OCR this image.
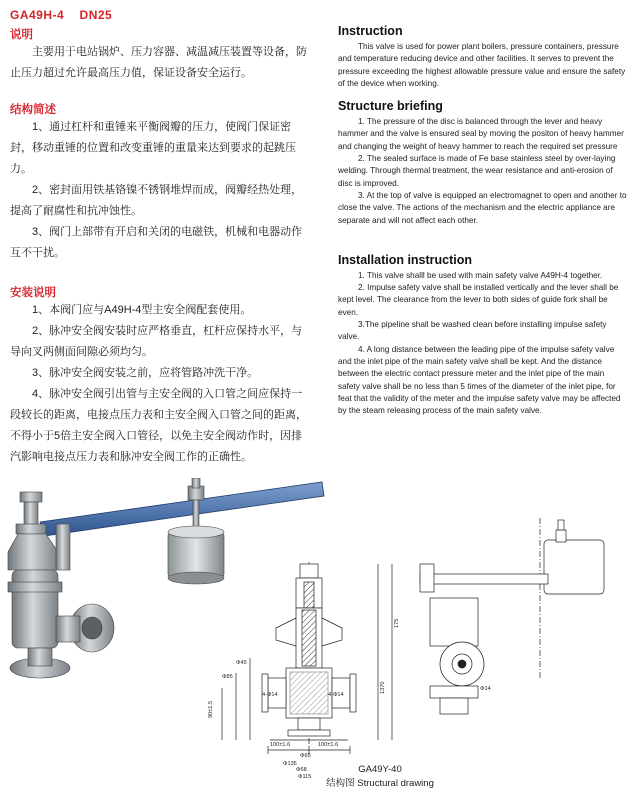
GA49H-4 DN25
说明

主要用于电站锅炉、压力容器、减温减压装置等设备，防止压力超过允许最高压力值，保证设备安全运行。

结构简述

1、通过杠杆和重锤来平衡阀瓣的压力，使阀门保证密封，移动重锤的位置和改变重锤的重量来达到要求的起跳压力。

2、密封面用铁基铬镍不锈钢堆焊而成，阀瓣经热处理，提高了耐腐性和抗冲蚀性。

3、阀门上部带有开启和关闭的电磁铁，机械和电器动作互不干扰。

安装说明

1、本阀门应与A49H-4型主安全阀配套使用。

2、脉冲安全阀安装时应严格垂直，杠杆应保持水平，与导向叉两侧面间隙必须均匀。

3、脉冲安全阀安装之前，应将管路冲洗干净。

4、脉冲安全阀引出管与主安全阀的入口管之间应保持一段较长的距离，电接点压力表和主安全阀入口管之间的距离，不得小于5倍主安全阀入口管径，以免主安全阀动作时，因排汽影响电接点压力表和脉冲安全阀工作的正确性。

Instruction

This valve is used for power plant boilers, pressure containers, pressure and temperature reducing device and other facilities. It serves to prevent the pressure exceeding the highest allowable pressure value and ensure the safety of the device when working.

Structure briefing

1. The pressure of the disc is balanced through the lever and heavy hammer and the valve is ensured seal by moving the positon of heavy hammer and changing the weight of heavy hammer to reach the required set pressure

2. The sealed surface is made of Fe base stainless steel by over-laying welding. Through thermal treatment, the wear resistance and anti-erosion of disc is improved.

3. At the top of valve is equipped an electromagnet to open and another to close the valve. The actions of the mechanism and the electric appliance are separate and will not affect each other.

Installation instruction

1. This valve shalll be used with main safety valve A49H-4 together.

2. Impulse safety valve shall be installed vertically and the lever shall be kept level. The clearance from the lever to both sides of guide fork shall be even.

3.The pipeline shall be washed clean before installing impulse safety valve.

4. A long distance between the leading pipe of the impulse safety valve and the inlet pipe of the main safety valve shall be kept. And the distance between the electric contact pressure meter and the inlet pipe of the main safety valve shall be no less than 5 times of the diameter of the inlet pipe, for feat that the validity of the meter and the impulse safety valve may be affected by the steam releasing process of the main safety valve.

Φ135
Φ65
Φ68
Φ115
100±1.6	100±1.6
90±1.5
175
1370
4-Φ14	4-Φ14
Φ45
Φ85
Φ14
GA49Y-40
结构图 Structural drawing
